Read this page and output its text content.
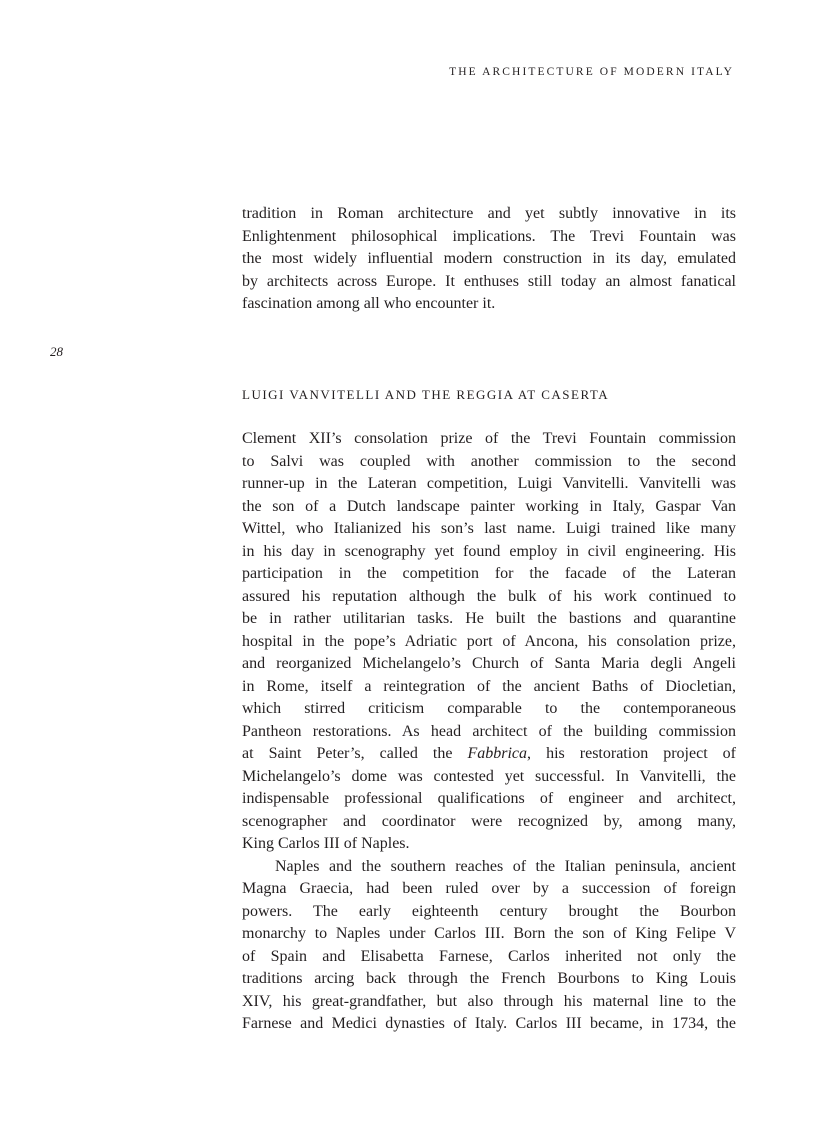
THE ARCHITECTURE OF MODERN ITALY
28

tradition in Roman architecture and yet subtly innovative in its
Enlightenment philosophical implications. The Trevi Fountain was
the most widely influential modern construction in its day, emulated
by architects across Europe. It enthuses still today an almost fanatical
fascination among all who encounter it.

LUIGI VANVITELLI AND THE REGGIA AT CASERTA

Clement XII’s consolation prize of the Trevi Fountain commission
to Salvi was coupled with another commission to the second
runner-up in the Lateran competition, Luigi Vanvitelli. Vanvitelli was
the son of a Dutch landscape painter working in Italy, Gaspar Van
Wittel, who Italianized his son’s last name. Luigi trained like many
in his day in scenography yet found employ in civil engineering. His
participation in the competition for the facade of the Lateran
assured his reputation although the bulk of his work continued to
be in rather utilitarian tasks. He built the bastions and quarantine
hospital in the pope’s Adriatic port of Ancona, his consolation prize,
and reorganized Michelangelo’s Church of Santa Maria degli Angeli
in Rome, itself a reintegration of the ancient Baths of Diocletian,
which stirred criticism comparable to the contemporaneous
Pantheon restorations. As head architect of the building commission
at Saint Peter’s, called the Fabbrica, his restoration project of
Michelangelo’s dome was contested yet successful. In Vanvitelli, the
indispensable professional qualifications of engineer and architect,
scenographer and coordinator were recognized by, among many,
King Carlos III of Naples.

Naples and the southern reaches of the Italian peninsula, ancient
Magna Graecia, had been ruled over by a succession of foreign
powers. The early eighteenth century brought the Bourbon
monarchy to Naples under Carlos III. Born the son of King Felipe V
of Spain and Elisabetta Farnese, Carlos inherited not only the
traditions arcing back through the French Bourbons to King Louis
XIV, his great-grandfather, but also through his maternal line to the
Farnese and Medici dynasties of Italy. Carlos III became, in 1734, the
